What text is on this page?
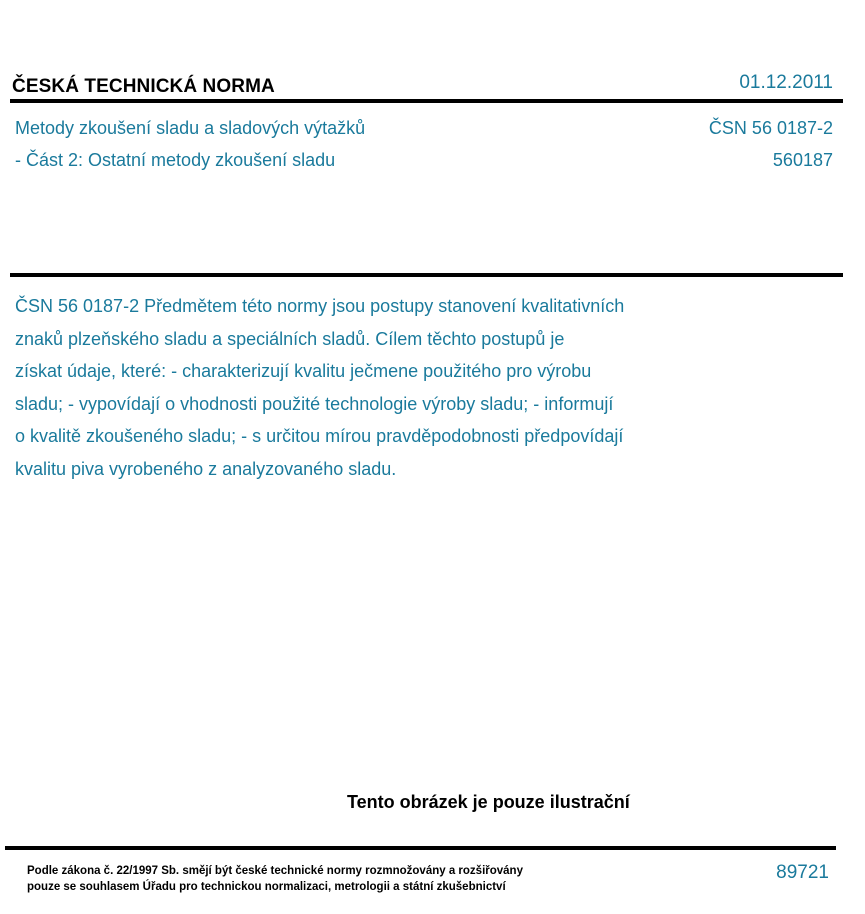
ČESKÁ TECHNICKÁ NORMA	01.12.2011
Metody zkoušení sladu a sladových výtažků
- Část 2: Ostatní metody zkoušení sladu
ČSN 56 0187-2
560187
ČSN 56 0187-2 Předmětem této normy jsou postupy stanovení kvalitativních
znaků plzeňského sladu a speciálních sladů. Cílem těchto postupů je
získat údaje, které: - charakterizují kvalitu ječmene použitého pro výrobu
sladu; - vypovídají o vhodnosti použité technologie výroby sladu; - informují
o kvalitě zkoušeného sladu; - s určitou mírou pravděpodobnosti předpovídají
kvalitu piva vyrobeného z analyzovaného sladu.
Tento obrázek je pouze ilustrační
Podle zákona č. 22/1997 Sb. smějí být české technické normy rozmnožovány a rozšiřovány
pouze se souhlasem Úřadu pro technickou normalizaci, metrologii a státní zkušebnictví
89721
